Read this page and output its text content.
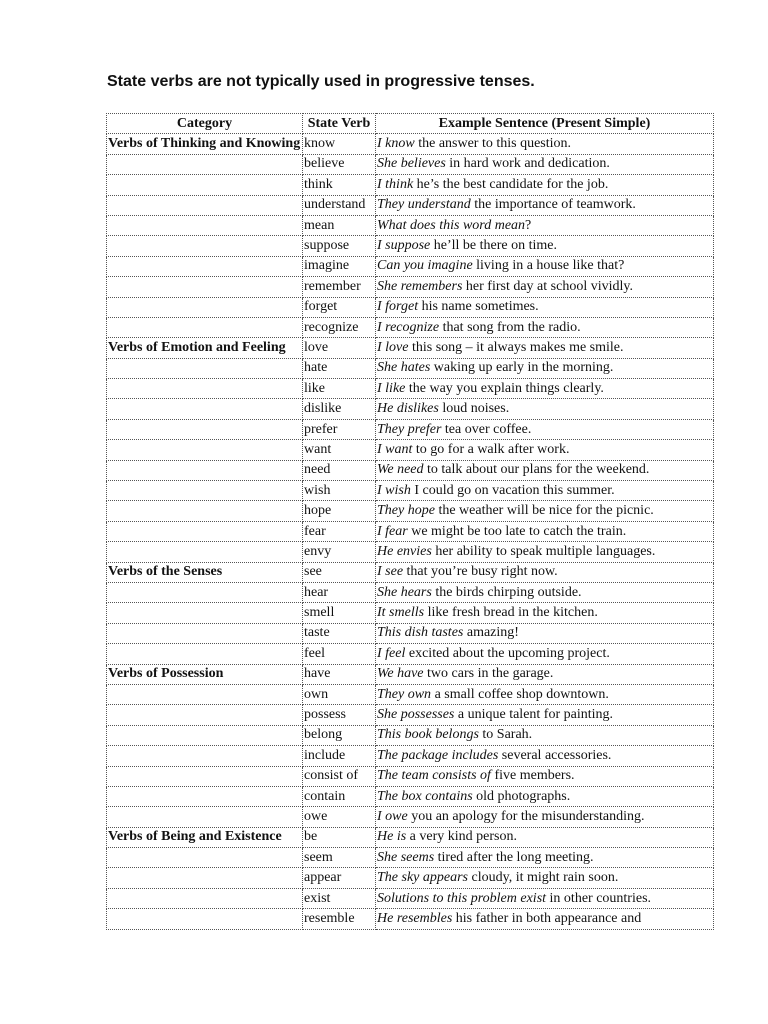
State verbs are not typically used in progressive tenses.
Category	State Verb	Example Sentence (Present Simple)
Verbs of Thinking and Knowing	know	I know the answer to this question.
	believe	She believes in hard work and dedication.
	think	I think he’s the best candidate for the job.
	understand	They understand the importance of teamwork.
	mean	What does this word mean?
	suppose	I suppose he’ll be there on time.
	imagine	Can you imagine living in a house like that?
	remember	She remembers her first day at school vividly.
	forget	I forget his name sometimes.
	recognize	I recognize that song from the radio.
Verbs of Emotion and Feeling	love	I love this song – it always makes me smile.
	hate	She hates waking up early in the morning.
	like	I like the way you explain things clearly.
	dislike	He dislikes loud noises.
	prefer	They prefer tea over coffee.
	want	I want to go for a walk after work.
	need	We need to talk about our plans for the weekend.
	wish	I wish I could go on vacation this summer.
	hope	They hope the weather will be nice for the picnic.
	fear	I fear we might be too late to catch the train.
	envy	He envies her ability to speak multiple languages.
Verbs of the Senses	see	I see that you’re busy right now.
	hear	She hears the birds chirping outside.
	smell	It smells like fresh bread in the kitchen.
	taste	This dish tastes amazing!
	feel	I feel excited about the upcoming project.
Verbs of Possession	have	We have two cars in the garage.
	own	They own a small coffee shop downtown.
	possess	She possesses a unique talent for painting.
	belong	This book belongs to Sarah.
	include	The package includes several accessories.
	consist of	The team consists of five members.
	contain	The box contains old photographs.
	owe	I owe you an apology for the misunderstanding.
Verbs of Being and Existence	be	He is a very kind person.
	seem	She seems tired after the long meeting.
	appear	The sky appears cloudy, it might rain soon.
	exist	Solutions to this problem exist in other countries.
	resemble	He resembles his father in both appearance and
